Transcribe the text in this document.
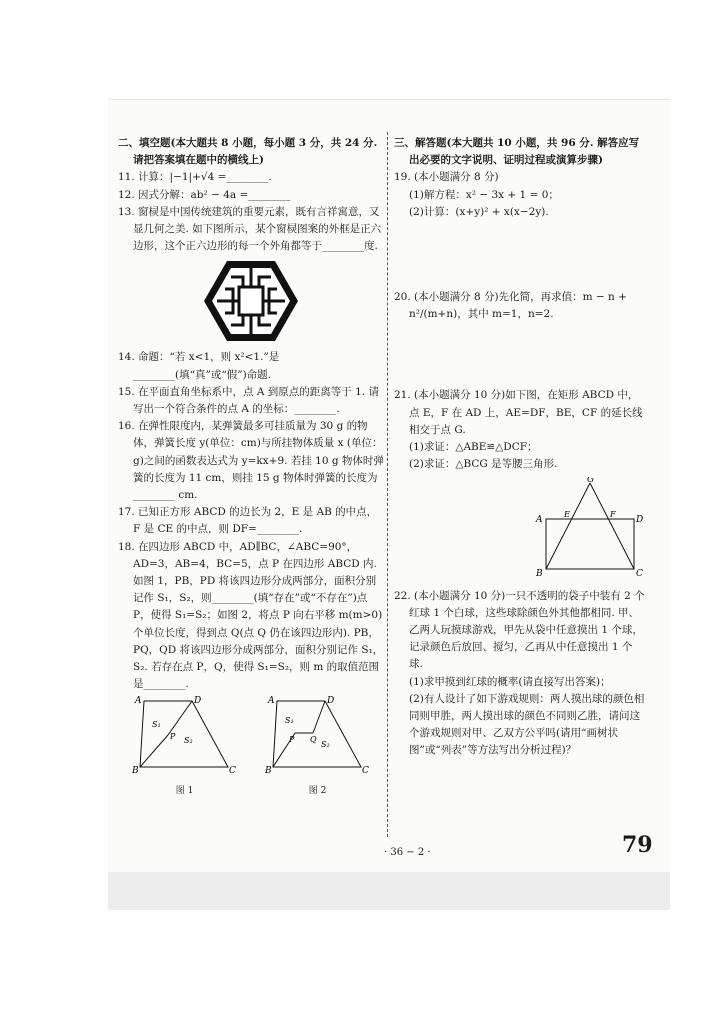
二、填空题(本大题共 8 小题，每小题 3 分，共 24 分. 请把答案填在题中的横线上)

11. 计算：|−1|+√4 =________.

12. 因式分解：ab² − 4a =________

13. 窗棂是中国传统建筑的重要元素，既有言祥寓意，又显几何之美. 如下图所示，某个窗棂图案的外框是正六边形，这个正六边形的每一个外角都等于________度.

14. 命题：“若 x<1，则 x²<1.”是________(填“真”或“假”)命题.

15. 在平面直角坐标系中，点 A 到原点的距离等于 1. 请写出一个符合条件的点 A 的坐标：________.

16. 在弹性限度内，某弹簧最多可挂质量为 30 g 的物体，弹簧长度 y(单位：cm)与所挂物体质量 x (单位：g)之间的函数表达式为 y=kx+9. 若挂 10 g 物体时弹簧的长度为 11 cm，则挂 15 g 物体时弹簧的长度为________ cm.

17. 已知正方形 ABCD 的边长为 2，E 是 AB 的中点，F 是 CE 的中点，则 DF=________.

18. 在四边形 ABCD 中，AD∥BC，∠ABC=90°，AD=3，AB=4，BC=5，点 P 在四边形 ABCD 内. 如图 1，PB，PD 将该四边形分成两部分，面积分别记作 S₁，S₂，则________(填“存在”或“不存在”)点 P，使得 S₁=S₂；如图 2，将点 P 向右平移 m(m>0)个单位长度，得到点 Q(点 Q 仍在该四边形内). PB，PQ，QD 将该四边形分成两部分，面积分别记作 S₁，S₂. 若存在点 P，Q，使得 S₁=S₂，则 m 的取值范围是________.

A	D
B	C
P
S₁
S₂
图 1
A	D
B	C
P Q
S₁
S₂
图 2

三、解答题(本大题共 10 小题，共 96 分. 解答应写出必要的文字说明、证明过程或演算步骤)

19. (本小题满分 8 分)

(1)解方程：x² − 3x + 1 = 0；

(2)计算：(x+y)² + x(x−2y).

20. (本小题满分 8 分)先化简，再求值：m − n + n²/(m+n)，其中 m=1，n=2.

21. (本小题满分 10 分)如下图，在矩形 ABCD 中，点 E，F 在 AD 上，AE=DF，BE，CF 的延长线相交于点 G.

(1)求证：△ABE≌△DCF；

(2)求证：△BCG 是等腰三角形.

G
A	D
B	C
E	F

22. (本小题满分 10 分)一只不透明的袋子中装有 2 个红球 1 个白球，这些球除颜色外其他都相同. 甲、乙两人玩摸球游戏，甲先从袋中任意摸出 1 个球，记录颜色后放回、搅匀，乙再从中任意摸出 1 个球.

(1)求甲摸到红球的概率(请直接写出答案)；

(2)有人设计了如下游戏规则：两人摸出球的颜色相同则甲胜，两人摸出球的颜色不同则乙胜，请问这个游戏规则对甲、乙双方公平吗(请用“画树状图”或“列表”等方法写出分析过程)？

· 36 − 2 ·	79
